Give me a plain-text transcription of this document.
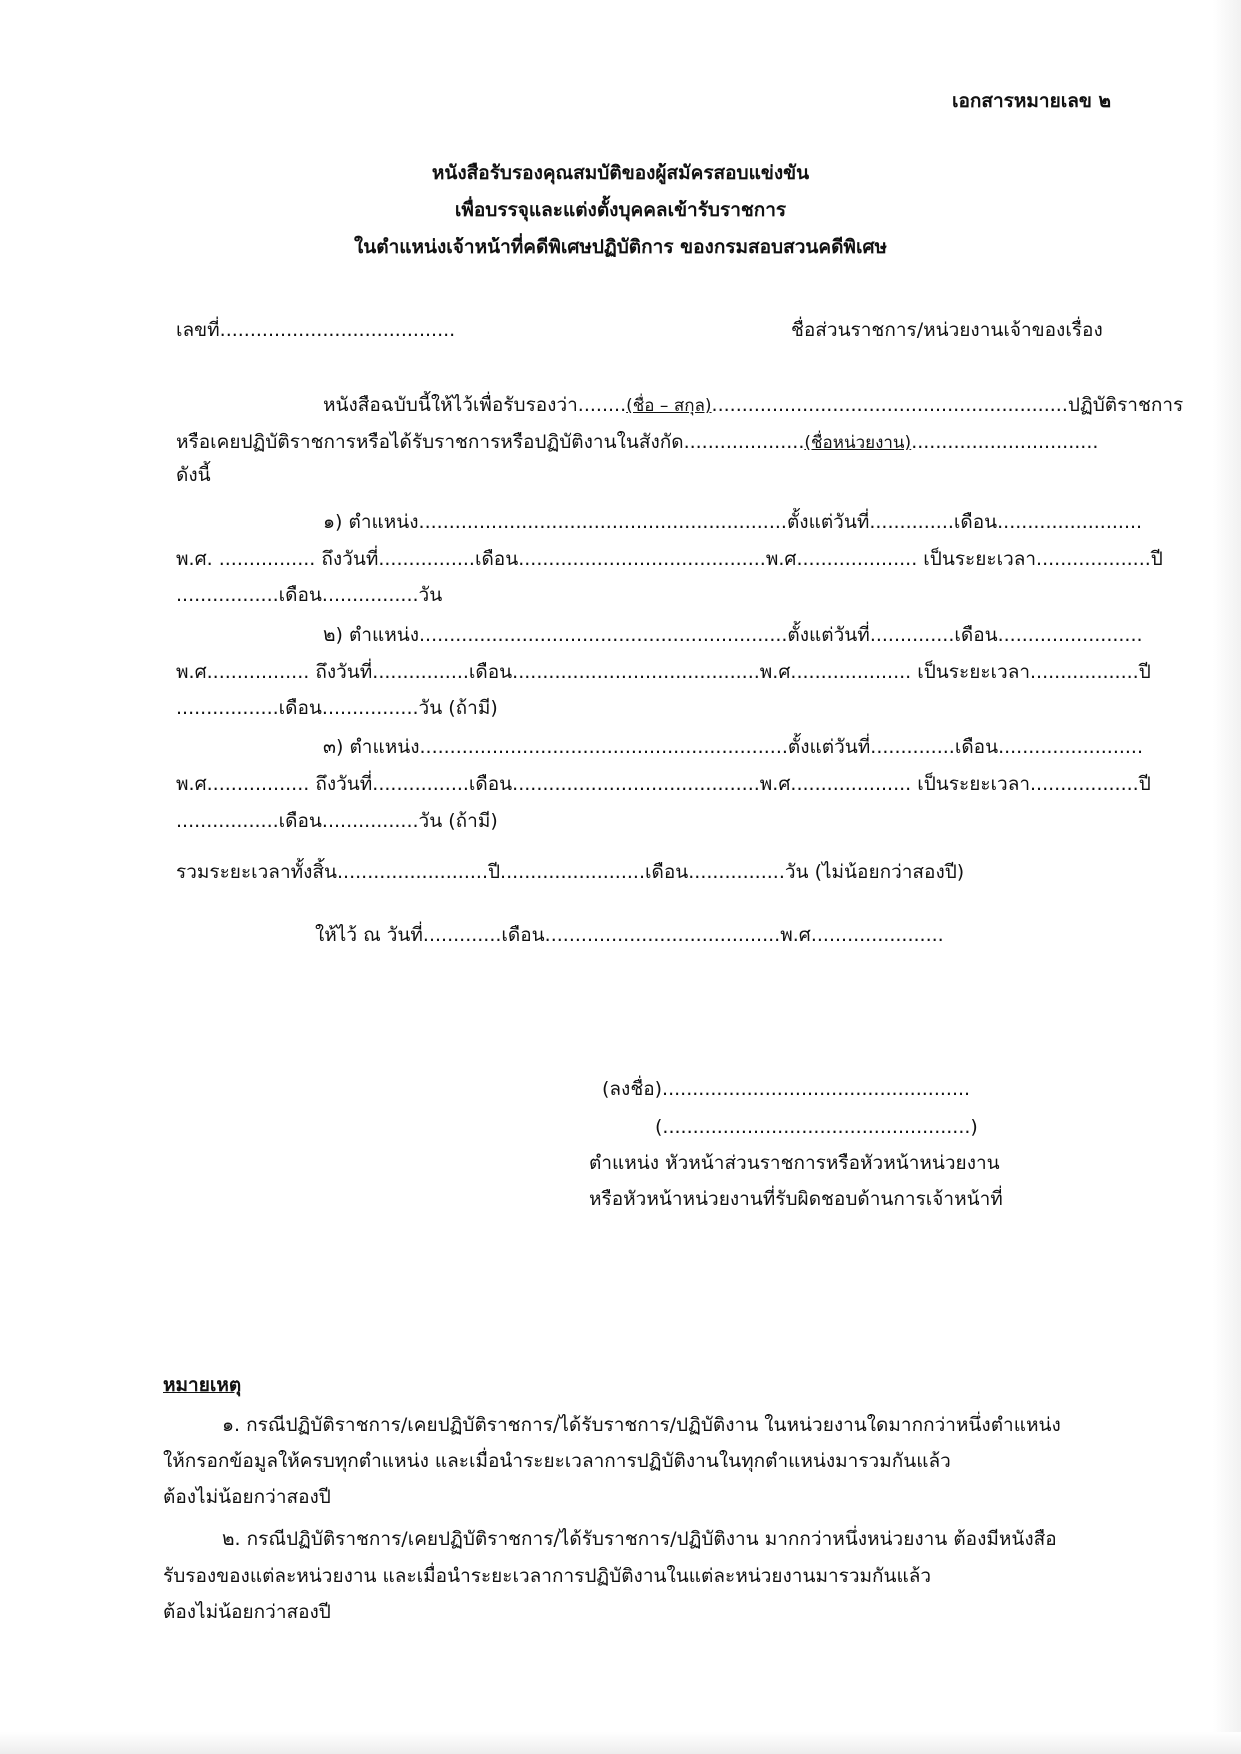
เอกสารหมายเลข ๒
หนังสือรับรองคุณสมบัติของผู้สมัครสอบแข่งขัน
เพื่อบรรจุและแต่งตั้งบุคคลเข้ารับราชการ
ในตำแหน่งเจ้าหน้าที่คดีพิเศษปฏิบัติการ ของกรมสอบสวนคดีพิเศษ
เลขที่.......................................	ชื่อส่วนราชการ/หน่วยงานเจ้าของเรื่อง
หนังสือฉบับนี้ให้ไว้เพื่อรับรองว่า........(ชื่อ – สกุล)...........................................................ปฏิบัติราชการ
หรือเคยปฏิบัติราชการหรือได้รับราชการหรือปฏิบัติงานในสังกัด....................(ชื่อหน่วยงาน)...............................
ดังนี้
๑) ตำแหน่ง.............................................................ตั้งแต่วันที่..............เดือน........................
พ.ศ. ................ ถึงวันที่................เดือน.........................................พ.ศ.................... เป็นระยะเวลา...................ปี
.................เดือน................วัน
๒) ตำแหน่ง.............................................................ตั้งแต่วันที่..............เดือน........................
พ.ศ................. ถึงวันที่................เดือน.........................................พ.ศ.................... เป็นระยะเวลา..................ปี
.................เดือน................วัน (ถ้ามี)
๓) ตำแหน่ง.............................................................ตั้งแต่วันที่..............เดือน........................
พ.ศ................. ถึงวันที่................เดือน.........................................พ.ศ.................... เป็นระยะเวลา..................ปี
.................เดือน................วัน (ถ้ามี)
รวมระยะเวลาทั้งสิ้น.........................ปี........................เดือน................วัน (ไม่น้อยกว่าสองปี)
ให้ไว้ ณ วันที่.............เดือน.......................................พ.ศ......................
(ลงชื่อ)...................................................
(...................................................)
ตำแหน่ง หัวหน้าส่วนราชการหรือหัวหน้าหน่วยงาน
หรือหัวหน้าหน่วยงานที่รับผิดชอบด้านการเจ้าหน้าที่
หมายเหตุ
๑. กรณีปฏิบัติราชการ/เคยปฏิบัติราชการ/ได้รับราชการ/ปฏิบัติงาน ในหน่วยงานใดมากกว่าหนึ่งตำแหน่ง
ให้กรอกข้อมูลให้ครบทุกตำแหน่ง และเมื่อนำระยะเวลาการปฏิบัติงานในทุกตำแหน่งมารวมกันแล้ว
ต้องไม่น้อยกว่าสองปี
๒. กรณีปฏิบัติราชการ/เคยปฏิบัติราชการ/ได้รับราชการ/ปฏิบัติงาน มากกว่าหนึ่งหน่วยงาน ต้องมีหนังสือ
รับรองของแต่ละหน่วยงาน และเมื่อนำระยะเวลาการปฏิบัติงานในแต่ละหน่วยงานมารวมกันแล้ว
ต้องไม่น้อยกว่าสองปี
